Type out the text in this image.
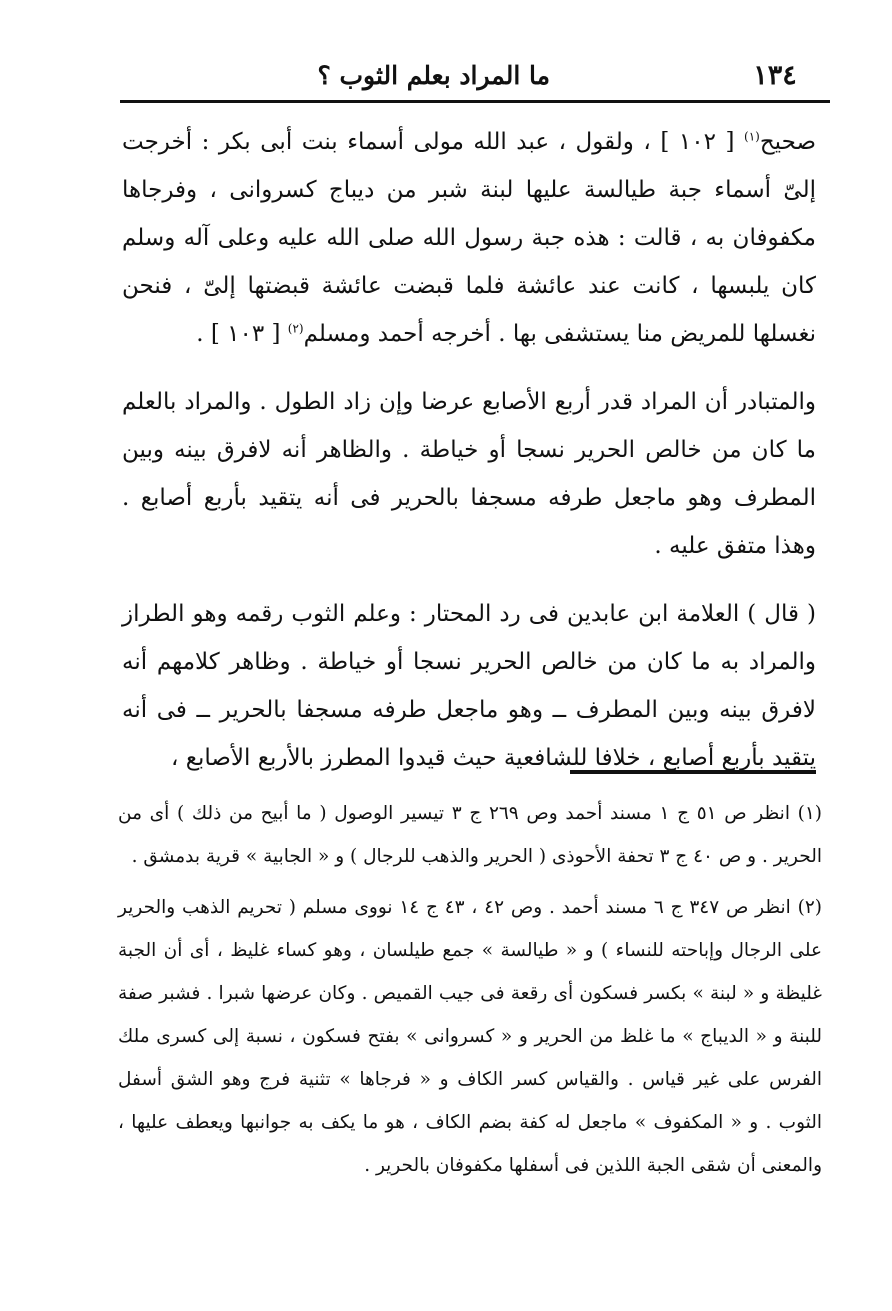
١٣٤
ما المراد بعلم الثوب ؟

صحيح$^{(١)}$ [ ١٠٢ ] ، ولقول ، عبد الله مولى أسماء بنت أبى بكر : أخرجت إلىّ أسماء جبة طيالسة عليها لبنة شبر من ديباج كسروانى ، وفرجاها مكفوفان به ، قالت : هذه جبة رسول الله صلى الله عليه وعلى آله وسلم كان يلبسها ، كانت عند عائشة فلما قبضت عائشة قبضتها إلىّ ، فنحن نغسلها للمريض منا يستشفى بها . أخرجه أحمد ومسلم$^{(٢)}$ [ ١٠٣ ] .

والمتبادر أن المراد قدر أربع الأصابع عرضا وإن زاد الطول . والمراد بالعلم ما كان من خالص الحرير نسجا أو خياطة . والظاهر أنه لافرق بينه وبين المطرف وهو ماجعل طرفه مسجفا بالحرير فى أنه يتقيد بأربع أصابع . وهذا متفق عليه .

( قال ) العلامة ابن عابدين فى رد المحتار : وعلم الثوب رقمه وهو الطراز والمراد به ما كان من خالص الحرير نسجا أو خياطة . وظاهر كلامهم أنه لافرق بينه وبين المطرف ــ وهو ماجعل طرفه مسجفا بالحرير ــ فى أنه يتقيد بأربع أصابع ، خلافا للشافعية حيث قيدوا المطرز بالأربع الأصابع ،

(١) انظر ص ٥١ ج ١ مسند أحمد وص ٢٦٩ ج ٣ تيسير الوصول ( ما أبيح من ذلك ) أى من الحرير . و ص ٤٠ ج ٣ تحفة الأحوذى ( الحرير والذهب للرجال ) و « الجابية » قرية بدمشق .

(٢) انظر ص ٣٤٧ ج ٦ مسند أحمد . وص ٤٢ ، ٤٣ ج ١٤ نووى مسلم ( تحريم الذهب والحرير على الرجال وإباحته للنساء ) و « طيالسة » جمع طيلسان ، وهو كساء غليظ ، أى أن الجبة غليظة و « لبنة » بكسر فسكون أى رقعة فى جيب القميص . وكان عرضها شبرا . فشبر صفة للبنة و « الديباج » ما غلظ من الحرير و « كسروانى » بفتح فسكون ، نسبة إلى كسرى ملك الفرس على غير قياس . والقياس كسر الكاف و « فرجاها » تثنية فرج وهو الشق أسفل الثوب . و « المكفوف » ماجعل له كفة بضم الكاف ، هو ما يكف به جوانبها ويعطف عليها ، والمعنى أن شقى الجبة اللذين فى أسفلها مكفوفان بالحرير .
